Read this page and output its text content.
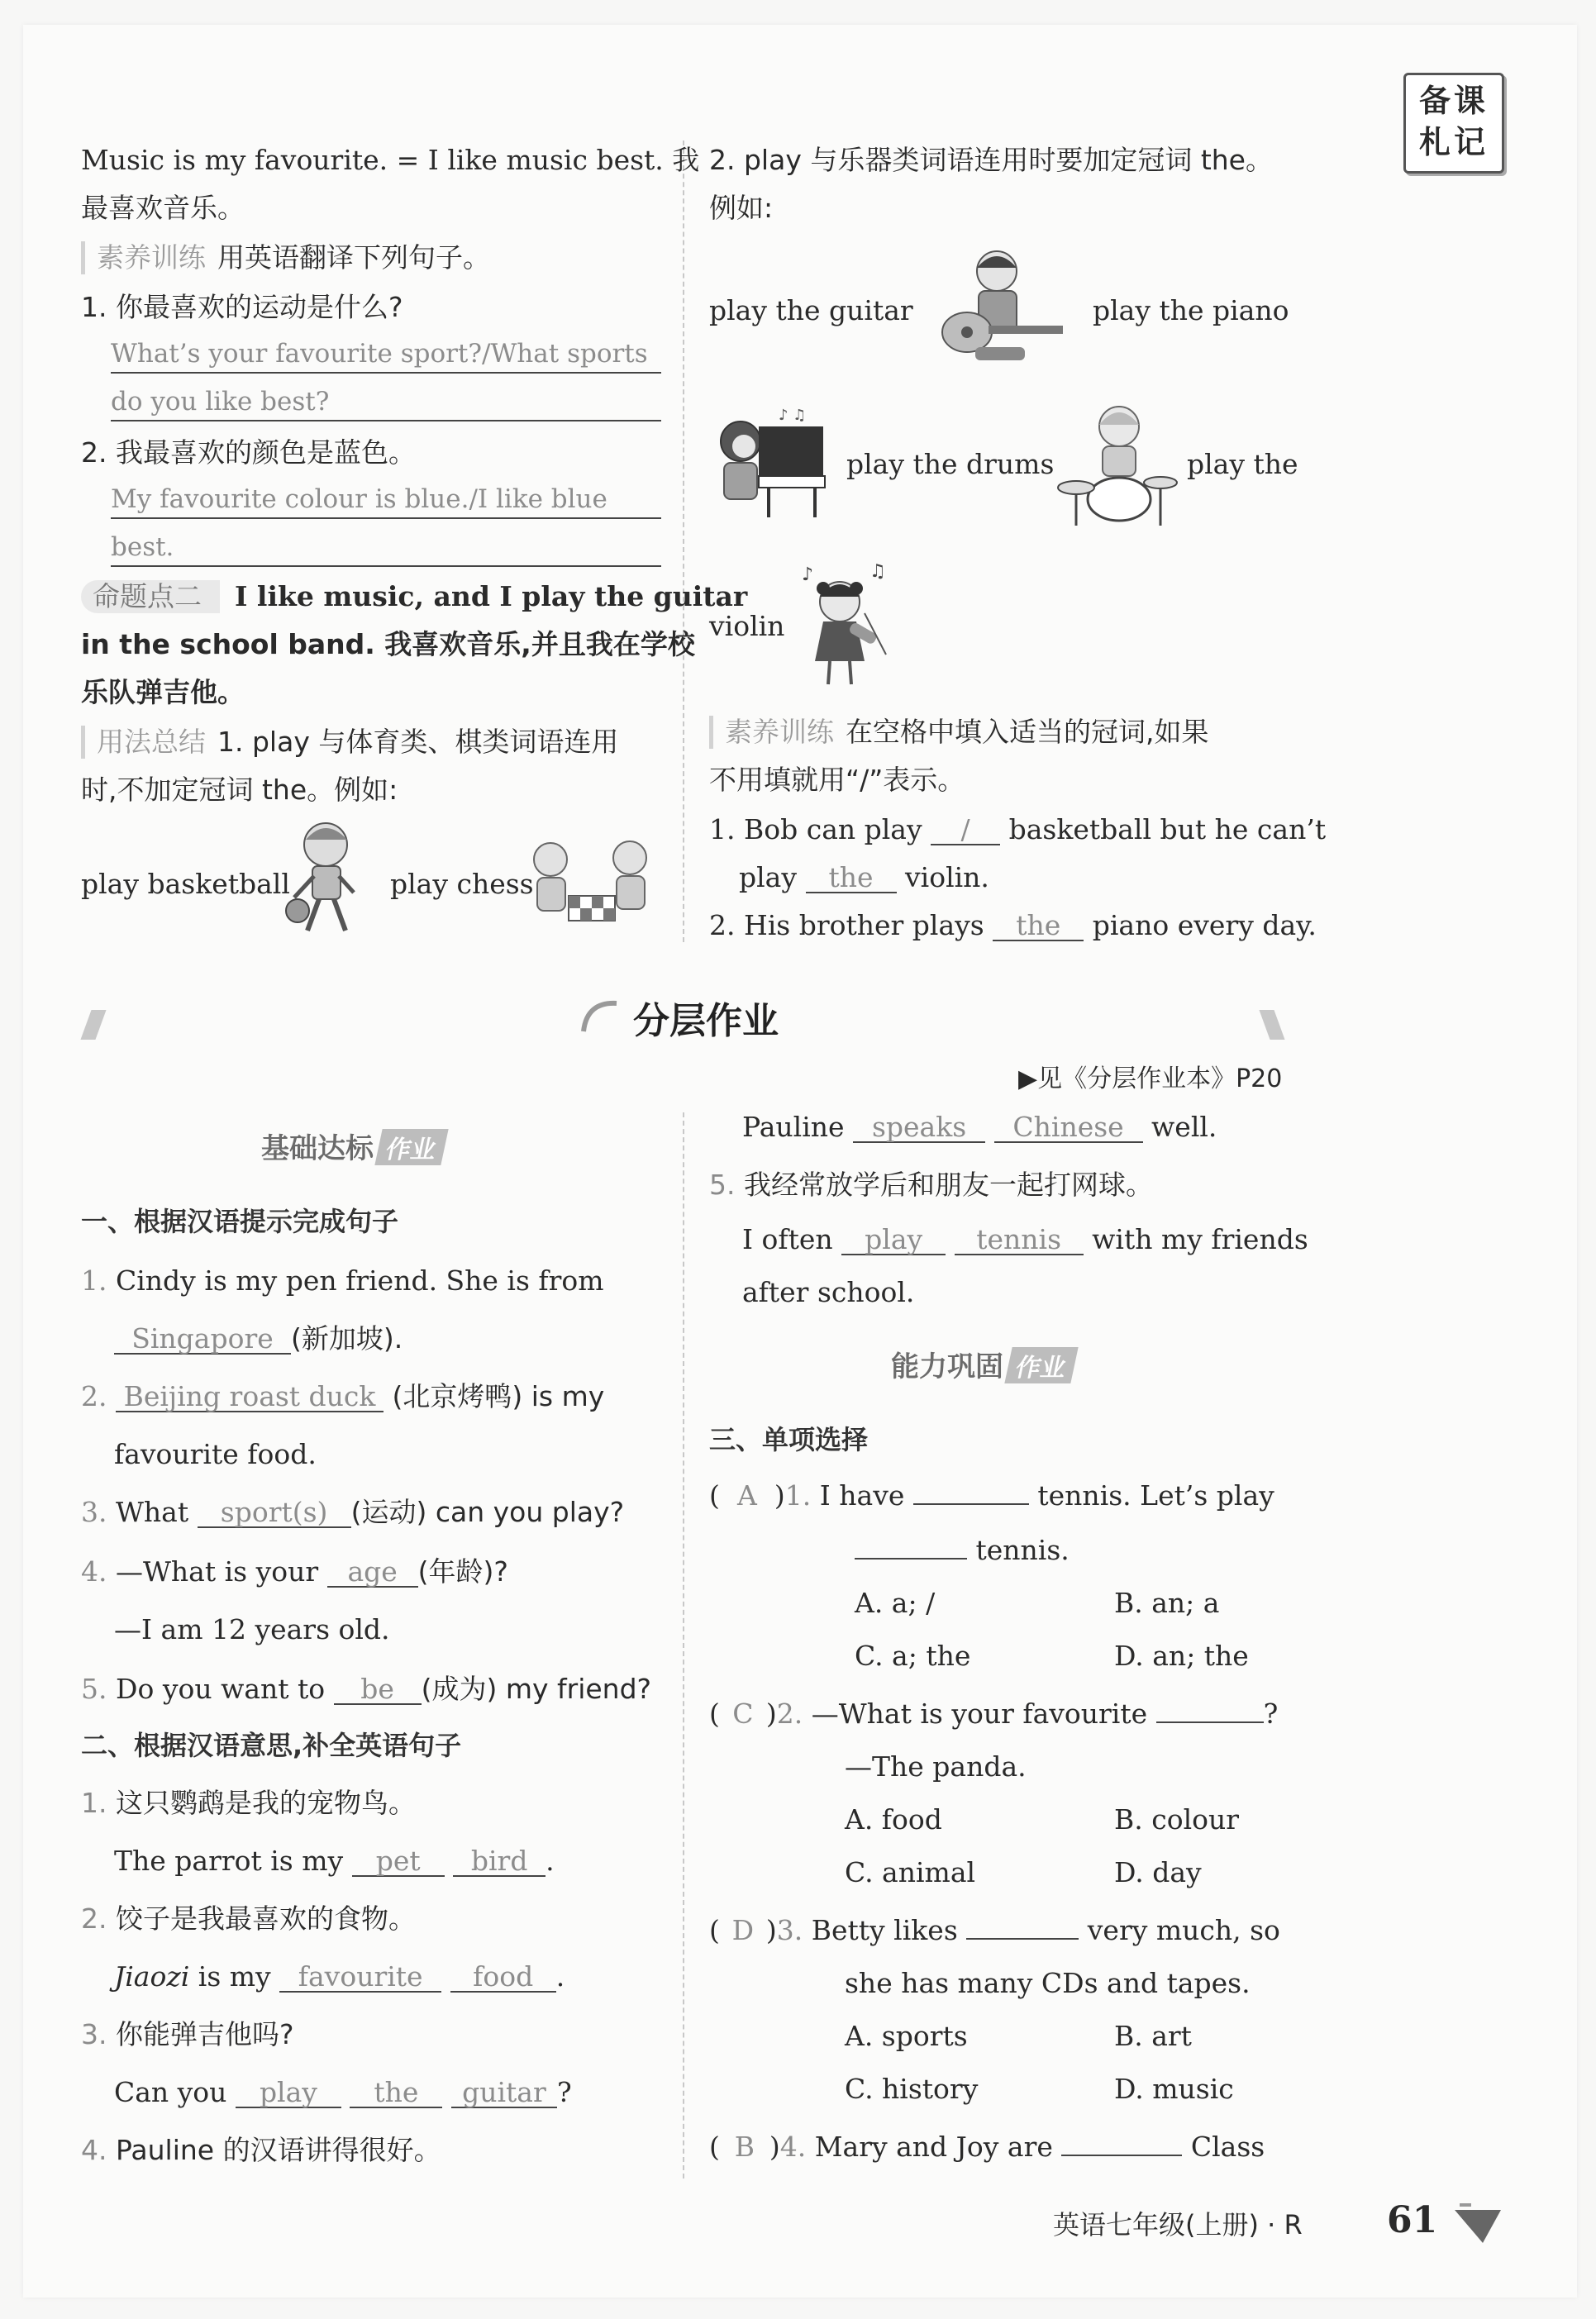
备课
札记
Music is my favourite. = I like music best. 我
最喜欢音乐。
素养训练 用英语翻译下列句子。
1. 你最喜欢的运动是什么?
What’s your favourite sport?/What sports
do you like best?
2. 我最喜欢的颜色是蓝色。
My favourite colour is blue./I like blue
best.
命题点二 I like music, and I play the guitar
in the school band. 我喜欢音乐,并且我在学校
乐队弹吉他。
用法总结 1. play 与体育类、棋类词语连用
时,不加定冠词 the。例如:
play basketball	play chess
2. play 与乐器类词语连用时要加定冠词 the。
例如:
play the guitar	play the piano
♪ ♫
play the drums	play the
violin
♪	♫
素养训练 在空格中填入适当的冠词,如果
不用填就用“/”表示。
1. Bob can play / basketball but he can’t
play the violin.
2. His brother plays the piano every day.
分层作业
▶见《分层作业本》P20
基础达标 作业
一、根据汉语提示完成句子
1. Cindy is my pen friend. She is from
Singapore (新加坡).
2. Beijing roast duck (北京烤鸭) is my
favourite food.
3. What sport(s) (运动) can you play?
4. —What is your age (年龄)?
—I am 12 years old.
5. Do you want to be (成为) my friend?
二、根据汉语意思,补全英语句子
1. 这只鹦鹉是我的宠物鸟。
The parrot is my pet bird .
2. 饺子是我最喜欢的食物。
Jiaozi is my favourite food .
3. 你能弹吉他吗?
Can you play the guitar ?
4. Pauline 的汉语讲得很好。
Pauline speaks Chinese well.
5. 我经常放学后和朋友一起打网球。
I often play tennis with my friends
after school.
能力巩固 作业
三、单项选择
( A )1. I have	tennis. Let’s play
tennis.
A. a; /	B. an; a
C. a; the	D. an; the
( C )2. —What is your favourite	?
—The panda.
A. food	B. colour
C. animal	D. day
( D )3. Betty likes	very much, so
she has many CDs and tapes.
A. sports	B. art
C. history	D. music
( B )4. Mary and Joy are	Class
英语七年级(上册) · R 61
